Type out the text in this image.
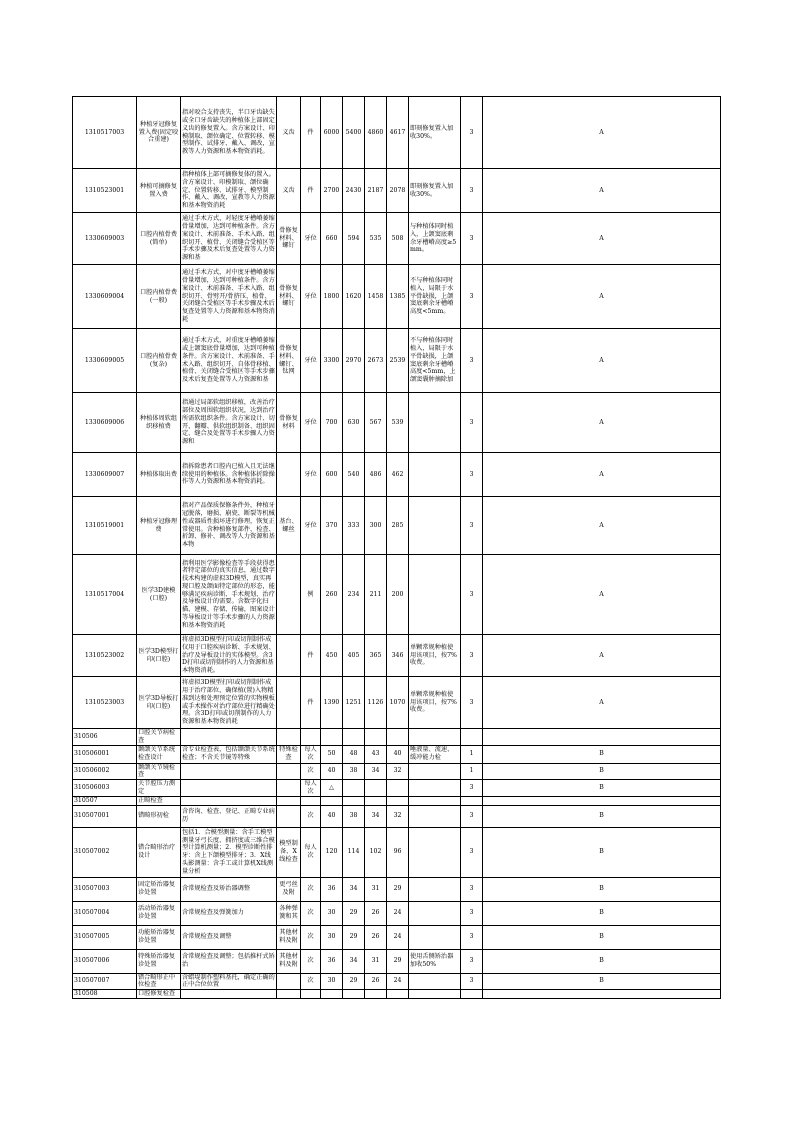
1310517003	种植牙冠修复置入费(固定咬合重建)	指对咬合支持丧失，半口牙齿缺失或全口牙齿缺失的种植体上部固定义齿的修复置入。含方案设计、印模制取、颌位确定、位置转移、模型制作、试排牙、戴入、调改，宣教等人力资源和基本物资消耗。	义齿	件	6000	5400	4860	4617	即刻修复置入加收30%。	3	A
1310523001	种植可摘修复置入费	指种植体上部可摘修复体的置入。含方案设计、印模制取、颌位确定、位置转移、试排牙、模型制作、戴入、调改，宣教等人力资源和基本物资消耗	义齿	件	2700	2430	2187	2078	即刻修复置入加收30%。	3	A
1330609003	口腔内植骨费(简单)	通过手术方式，对轻度牙槽嵴萎缩骨量增加，达到可种植条件。含方案设计、术前准备、手术入路、组织切开、植骨、关闭缝合受植区等手术步骤及术后复查处置等人力资源和基	骨修复材料、螺钉	牙位	660	594	535	508	与种植体同时植入，上颌窦底剩余牙槽嵴高度≥5mm。	3	A
1330609004	口腔内植骨费(一般)	通过手术方式，对中度牙槽嵴萎缩骨量增加，达到可种植条件。含方案设计、术前准备、手术入路、组织切开、骨劈开/骨挤压、植骨、关闭缝合受植区等手术步骤及术后复查处置等人力资源和基本物资消耗	骨修复材料、螺钉	牙位	1800	1620	1458	1385	不与种植体同时植入，局限于水平骨缺损，上颌窦底剩余牙槽嵴高度<5mm。	3	A
1330609005	口腔内植骨费(复杂)	通过手术方式，对重度牙槽嵴萎缩或上颌窦底骨量增加，达到可种植条件。含方案设计、术前准备、手术入路、组织切开、自体骨移植、植骨、关闭缝合受植区等手术步骤及术后复查处置等人力资源和基	骨修复材料、螺钉、钛网	牙位	3300	2970	2673	2539	不与种植体同时植入，局限于水平骨缺损，上颌窦底剩余牙槽嵴高度<5mm，上颌窦囊肿摘除加	3	A
1330609006	种植体周软组织移植费	指通过局部软组织移植，改善治疗部位及周围软组织状况，达到治疗所需软组织条件。含方案设计、切开、翻瓣、供软组织制备、组织固定、缝合及处置等手术步骤人力资源和	骨修复材料	牙位	700	630	567	539		3	A
1330609007	种植体取出费	指拆除患者口腔内已植入且无法继续使用的种植体。含种植体折除操作等人力资源和基本物资消耗。		牙位	600	540	486	462		3	A
1310519001	种植牙冠修理费	指对产品保质保修条件外，种植牙冠脱落，磨损、崩瓷、断裂等机械性或器质性损坏进行修理，恢复正常使用。含种植修复部件、检查、折卸、修补、调改等人力资源和基本物	基台、螺丝	牙位	370	333	300	285		3	A
1310517004	医学3D建模(口腔)	指利用医学影像检查等手段获得患者特定部位的真实信息，通过数字技术构建的虚拟3D模型，真实再现口腔及颌面特定部位的形态，能够满足疾病诊断、手术规划、治疗及导板设计的需要。含数字化扫描、建模、存储、传输，图案设计等导板设计等手术步骤的人力资源和基本物资消耗		例	260	234	211	200		3	A
1310523002	医学3D模型打印(口腔)	将虚拟3D模型打印或切削制作成仅用于口腔疾病诊断、手术规划、治疗及导板设计的实体模型。含3D打印或切削制作的人力资源和基本物资消耗。		件	450	405	365	346	单颗常规种植使用该项目，按7%收费。	3	A
1310523003	医学3D导板打印(口腔)	将虚拟3D模型打印或切削制作成用于治疗部位，确保植(置)入物精准到达和处理预定位置的实物模板或手术操作对治疗部位进行精确处理。含3D打印或切削制作的人力资源和基本物资消耗		件	1390	1251	1126	1070	单颗常规种植使用该项目，按7%收费。	3	A
310506	口腔关节病检查										
310506001	颞颌关节系统检查设计	含专业检查表，包括颞颌关节系统检查；不含关节镜等特殊	特殊检查	每人次	50	48	43	40	唾液量、流速、缓冲能力检	1	B
310506002	颞颌关节镜检查			次	40	38	34	32		1	B
310506003	关节腔压力测定			每人次	△					3	B
310507	正畸检查										
310507001	错畸形初检	含咨询、检查、登记、正畸专业病历		次	40	38	34	32		3	B
310507002	错合畸形治疗设计	包括1．合模型测量：含手工模型测量牙弓长度、拥挤度或三维合模型计算机测量；2．模型诊断性排牙：含上下颌模型排牙；3．X线头影测量：含手工或计算机X线测量分析	模型制备、X线检查	每人次	120	114	102	96		3	B
310507003	固定矫治器复诊处置	含常规检查及矫治器调整	更弓丝及附	次	36	34	31	29		3	B
310507004	活动矫治器复诊处置	含常规检查及弹簧加力	各种弹簧和其	次	30	29	26	24		3	B
310507005	功能矫治器复诊处置	含常规检查及调整	其他材料及附	次	30	29	26	24		3	B
310507006	特殊矫治器复诊处置	含常规检查及调整；包括推杆式矫治	其他材料及附	次	36	34	31	29	使用舌侧矫治器加收50%	3	B
310507007	错合畸形正中位检查	含蜡堤制作塑料基托，确定正确的正中合位位置		次	30	29	26	24		3	B
310508	口腔修复检查										
